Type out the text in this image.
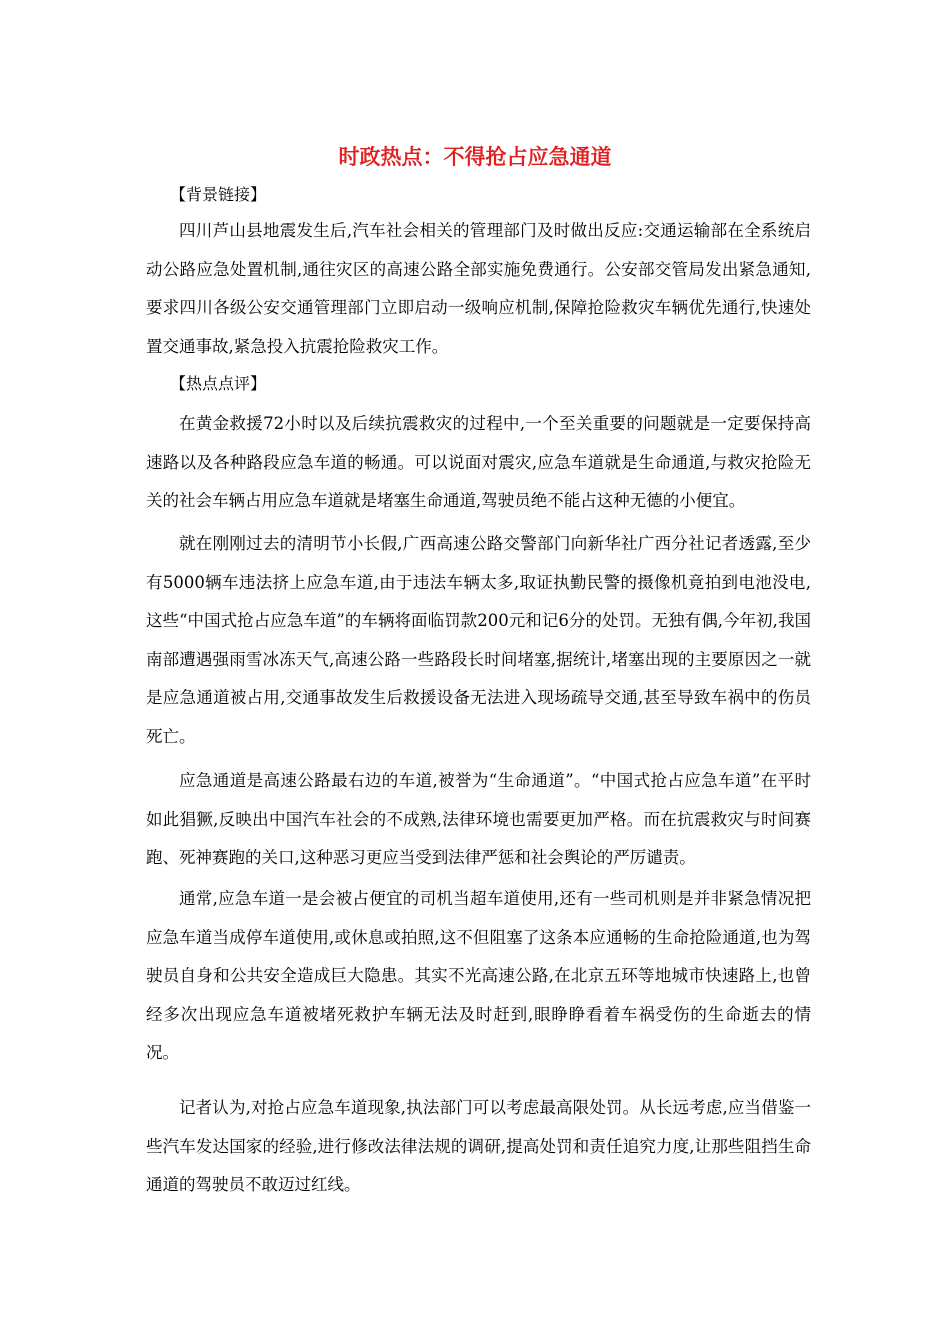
时政热点：不得抢占应急通道
【背景链接】

四川芦山县地震发生后,汽车社会相关的管理部门及时做出反应:交通运输部在全系统启动公路应急处置机制,通往灾区的高速公路全部实施免费通行。公安部交管局发出紧急通知,要求四川各级公安交通管理部门立即启动一级响应机制,保障抢险救灾车辆优先通行,快速处置交通事故,紧急投入抗震抢险救灾工作。

【热点点评】

在黄金救援72小时以及后续抗震救灾的过程中,一个至关重要的问题就是一定要保持高速路以及各种路段应急车道的畅通。可以说面对震灾,应急车道就是生命通道,与救灾抢险无关的社会车辆占用应急车道就是堵塞生命通道,驾驶员绝不能占这种无德的小便宜。

就在刚刚过去的清明节小长假,广西高速公路交警部门向新华社广西分社记者透露,至少有5000辆车违法挤上应急车道,由于违法车辆太多,取证执勤民警的摄像机竟拍到电池没电,这些“中国式抢占应急车道”的车辆将面临罚款200元和记6分的处罚。无独有偶,今年初,我国南部遭遇强雨雪冰冻天气,高速公路一些路段长时间堵塞,据统计,堵塞出现的主要原因之一就是应急通道被占用,交通事故发生后救援设备无法进入现场疏导交通,甚至导致车祸中的伤员死亡。

应急通道是高速公路最右边的车道,被誉为“生命通道”。“中国式抢占应急车道”在平时如此猖獗,反映出中国汽车社会的不成熟,法律环境也需要更加严格。而在抗震救灾与时间赛跑、死神赛跑的关口,这种恶习更应当受到法律严惩和社会舆论的严厉谴责。

通常,应急车道一是会被占便宜的司机当超车道使用,还有一些司机则是并非紧急情况把应急车道当成停车道使用,或休息或拍照,这不但阻塞了这条本应通畅的生命抢险通道,也为驾驶员自身和公共安全造成巨大隐患。其实不光高速公路,在北京五环等地城市快速路上,也曾经多次出现应急车道被堵死救护车辆无法及时赶到,眼睁睁看着车祸受伤的生命逝去的情况。

记者认为,对抢占应急车道现象,执法部门可以考虑最高限处罚。从长远考虑,应当借鉴一些汽车发达国家的经验,进行修改法律法规的调研,提高处罚和责任追究力度,让那些阻挡生命通道的驾驶员不敢迈过红线。
